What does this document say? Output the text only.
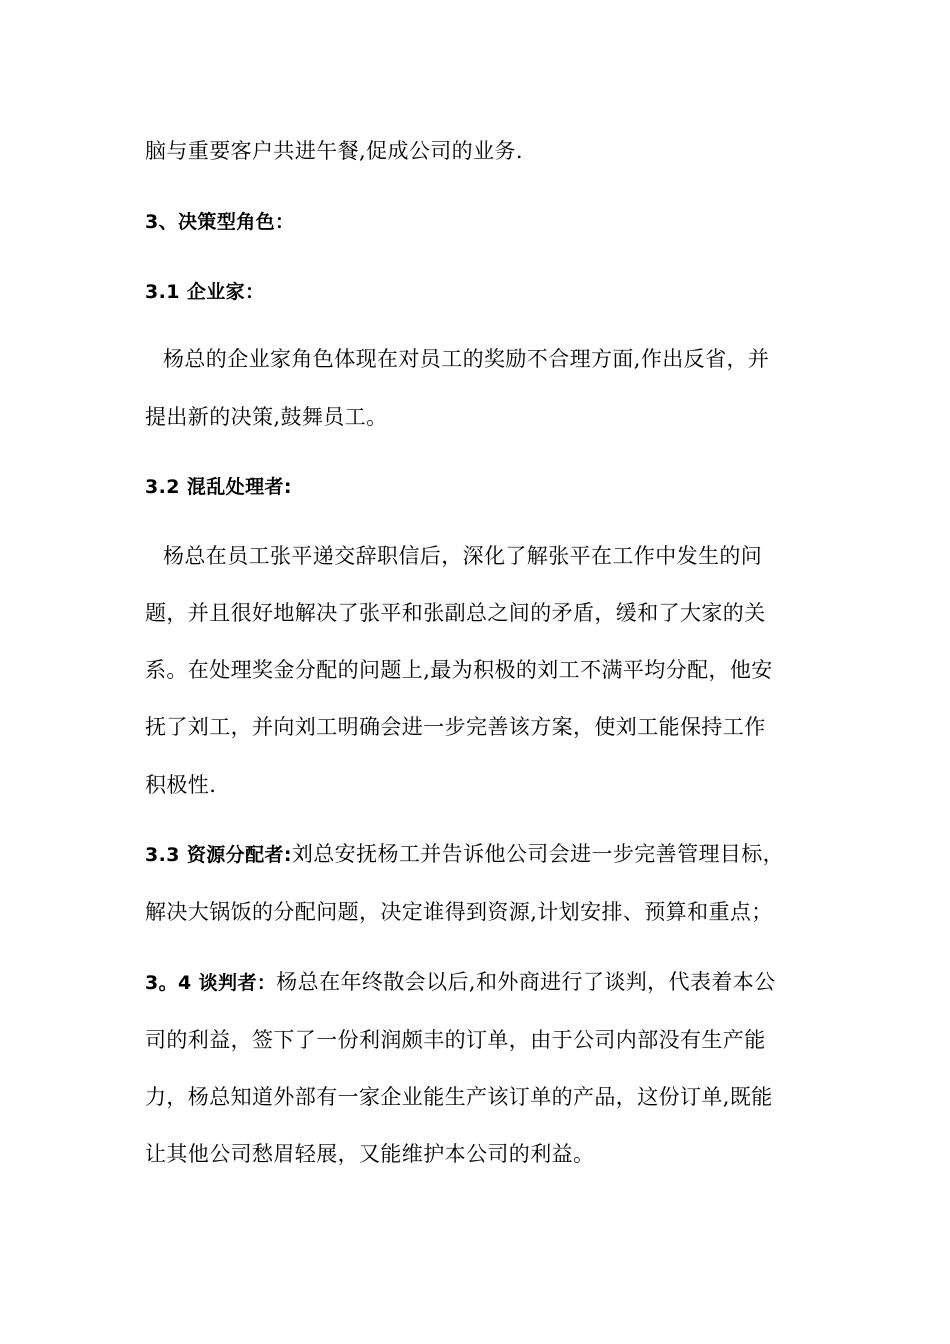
脑与重要客户共进午餐,促成公司的业务.
3、决策型角色：
3.1 企业家：
杨总的企业家角色体现在对员工的奖励不合理方面,作出反省，并
提出新的决策,鼓舞员工。
3.2 混乱处理者:
杨总在员工张平递交辞职信后，深化了解张平在工作中发生的问
题，并且很好地解决了张平和张副总之间的矛盾，缓和了大家的关
系。在处理奖金分配的问题上,最为积极的刘工不满平均分配，他安
抚了刘工，并向刘工明确会进一步完善该方案，使刘工能保持工作
积极性.
3.3 资源分配者:刘总安抚杨工并告诉他公司会进一步完善管理目标，
解决大锅饭的分配问题，决定谁得到资源,计划安排、预算和重点；
3。4 谈判者：杨总在年终散会以后,和外商进行了谈判，代表着本公
司的利益，签下了一份利润颇丰的订单，由于公司内部没有生产能
力，杨总知道外部有一家企业能生产该订单的产品，这份订单,既能
让其他公司愁眉轻展，又能维护本公司的利益。
